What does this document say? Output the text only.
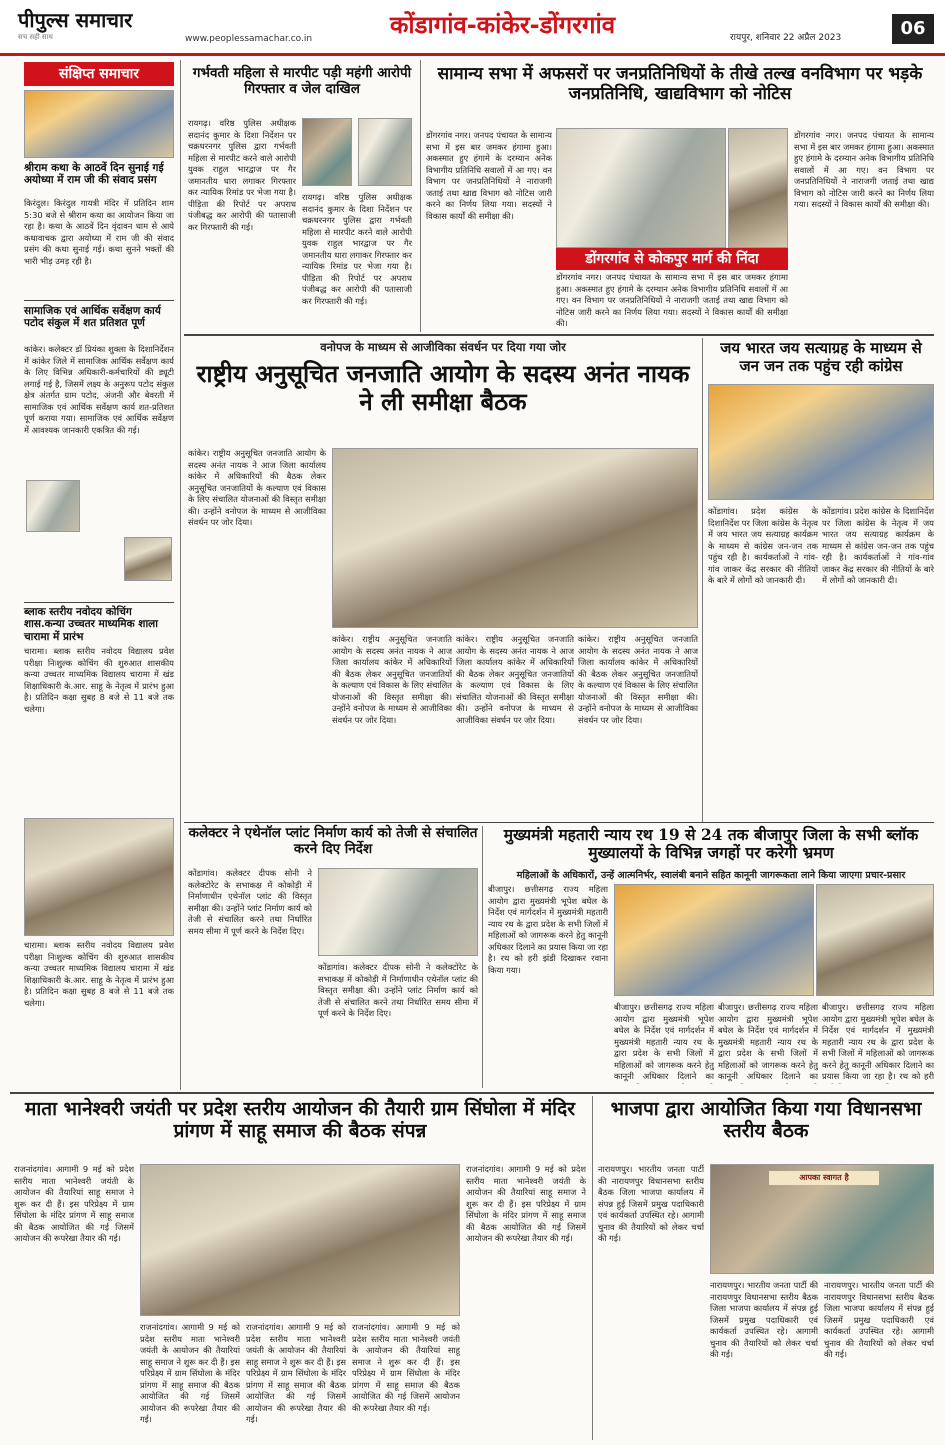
पीपुल्स समाचार
सच सही साथ	www.peoplessamachar.co.in	कोंडागांव-कांकेर-डोंगरगांव	रायपुर, शनिवार 22 अप्रैल 2023	06
संक्षिप्त समाचार
श्रीराम कथा के आठवें दिन सुनाई गई अयोध्या में राम जी की संवाद प्रसंग
किरंदुल। किरंदुल गायत्री मंदिर में प्रतिदिन शाम 5:30 बजे से श्रीराम कथा का आयोजन किया जा रहा है। कथा के आठवें दिन वृंदावन धाम से आये कथावाचक द्वारा अयोध्या में राम जी की संवाद प्रसंग की कथा सुनाई गई। कथा सुनने भक्तों की भारी भीड़ उमड़ रही है।
सामाजिक एवं आर्थिक सर्वेक्षण कार्य पटोद संकुल में शत प्रतिशत पूर्ण
कांकेर। कलेक्टर डॉ प्रियंका शुक्ला के दिशानिर्देशन में कांकेर जिले में सामाजिक आर्थिक सर्वेक्षण कार्य के लिए विभिन्न अधिकारी-कर्मचारियों की ड्यूटी लगाई गई है, जिसमें लक्ष्य के अनुरूप पटोद संकुल क्षेत्र अंतर्गत ग्राम पटोद, अंजनी और बेवरती में सामाजिक एवं आर्थिक सर्वेक्षण कार्य शत-प्रतिशत पूर्ण कराया गया। सामाजिक एवं आर्थिक सर्वेक्षण में आवश्यक जानकारी एकत्रित की गई।
ब्लाक स्तरीय नवोदय कोचिंग शास.कन्या उच्चतर माध्यमिक शाला चारामा में प्रारंभ
चारामा। ब्लाक स्तरीय नवोदय विद्यालय प्रवेश परीक्षा निःशुल्क कोचिंग की शुरुआत शासकीय कन्या उच्चतर माध्यमिक विद्यालय चारामा में खंड शिक्षाधिकारी के.आर. साहू के नेतृत्व में प्रारंभ हुआ है। प्रतिदिन कक्षा सुबह 8 बजे से 11 बजे तक चलेगा।
चारामा। ब्लाक स्तरीय नवोदय विद्यालय प्रवेश परीक्षा निःशुल्क कोचिंग की शुरुआत शासकीय कन्या उच्चतर माध्यमिक विद्यालय चारामा में खंड शिक्षाधिकारी के.आर. साहू के नेतृत्व में प्रारंभ हुआ है। प्रतिदिन कक्षा सुबह 8 बजे से 11 बजे तक चलेगा।
गर्भवती महिला से मारपीट पड़ी महंगी आरोपी गिरफ्तार व जेल दाखिल
रायगढ़। वरिष्ठ पुलिस अधीक्षक सदानंद कुमार के दिशा निर्देशन पर चक्रधरनगर पुलिस द्वारा गर्भवती महिला से मारपीट करने वाले आरोपी युवक राहुल भारद्वाज पर गैर जमानतीय धारा लगाकर गिरफ्तार कर न्यायिक रिमांड पर भेजा गया है। पीड़िता की रिपोर्ट पर अपराध पंजीबद्ध कर आरोपी की पतासाजी कर गिरफ्तारी की गई।
रायगढ़। वरिष्ठ पुलिस अधीक्षक सदानंद कुमार के दिशा निर्देशन पर चक्रधरनगर पुलिस द्वारा गर्भवती महिला से मारपीट करने वाले आरोपी युवक राहुल भारद्वाज पर गैर जमानतीय धारा लगाकर गिरफ्तार कर न्यायिक रिमांड पर भेजा गया है। पीड़िता की रिपोर्ट पर अपराध पंजीबद्ध कर आरोपी की पतासाजी कर गिरफ्तारी की गई।
सामान्य सभा में अफसरों पर जनप्रतिनिधियों के तीखे तल्ख वनविभाग पर भड़के जनप्रतिनिधि, खाद्यविभाग को नोटिस
डोंगरगांव नगर। जनपद पंचायत के सामान्य सभा में इस बार जमकर हंगामा हुआ। अकस्मात हुए हंगामे के दरम्यान अनेक विभागीय प्रतिनिधि सवालों में आ गए। वन विभाग पर जनप्रतिनिधियों ने नाराजगी जताई तथा खाद्य विभाग को नोटिस जारी करने का निर्णय लिया गया। सदस्यों ने विकास कार्यों की समीक्षा की।
डोंगरगांव से कोकपुर मार्ग की निंदा
डोंगरगांव नगर। जनपद पंचायत के सामान्य सभा में इस बार जमकर हंगामा हुआ। अकस्मात हुए हंगामे के दरम्यान अनेक विभागीय प्रतिनिधि सवालों में आ गए। वन विभाग पर जनप्रतिनिधियों ने नाराजगी जताई तथा खाद्य विभाग को नोटिस जारी करने का निर्णय लिया गया। सदस्यों ने विकास कार्यों की समीक्षा की।
डोंगरगांव नगर। जनपद पंचायत के सामान्य सभा में इस बार जमकर हंगामा हुआ। अकस्मात हुए हंगामे के दरम्यान अनेक विभागीय प्रतिनिधि सवालों में आ गए। वन विभाग पर जनप्रतिनिधियों ने नाराजगी जताई तथा खाद्य विभाग को नोटिस जारी करने का निर्णय लिया गया। सदस्यों ने विकास कार्यों की समीक्षा की।
वनोपज के माध्यम से आजीविका संवर्धन पर दिया गया जोर
राष्ट्रीय अनुसूचित जनजाति आयोग के सदस्य अनंत नायक ने ली समीक्षा बैठक
कांकेर। राष्ट्रीय अनुसूचित जनजाति आयोग के सदस्य अनंत नायक ने आज जिला कार्यालय कांकेर में अधिकारियों की बैठक लेकर अनुसूचित जनजातियों के कल्याण एवं विकास के लिए संचालित योजनाओं की विस्तृत समीक्षा की। उन्होंने वनोपज के माध्यम से आजीविका संवर्धन पर जोर दिया।
कांकेर। राष्ट्रीय अनुसूचित जनजाति आयोग के सदस्य अनंत नायक ने आज जिला कार्यालय कांकेर में अधिकारियों की बैठक लेकर अनुसूचित जनजातियों के कल्याण एवं विकास के लिए संचालित योजनाओं की विस्तृत समीक्षा की। उन्होंने वनोपज के माध्यम से आजीविका संवर्धन पर जोर दिया।
कांकेर। राष्ट्रीय अनुसूचित जनजाति आयोग के सदस्य अनंत नायक ने आज जिला कार्यालय कांकेर में अधिकारियों की बैठक लेकर अनुसूचित जनजातियों के कल्याण एवं विकास के लिए संचालित योजनाओं की विस्तृत समीक्षा की। उन्होंने वनोपज के माध्यम से आजीविका संवर्धन पर जोर दिया।
कांकेर। राष्ट्रीय अनुसूचित जनजाति आयोग के सदस्य अनंत नायक ने आज जिला कार्यालय कांकेर में अधिकारियों की बैठक लेकर अनुसूचित जनजातियों के कल्याण एवं विकास के लिए संचालित योजनाओं की विस्तृत समीक्षा की। उन्होंने वनोपज के माध्यम से आजीविका संवर्धन पर जोर दिया।
जय भारत जय सत्याग्रह के माध्यम से जन जन तक पहुंच रही कांग्रेस
कोंडागांव। प्रदेश कांग्रेस के दिशानिर्देश पर जिला कांग्रेस के नेतृत्व में जय भारत जय सत्याग्रह कार्यक्रम के माध्यम से कांग्रेस जन-जन तक पहुंच रही है। कार्यकर्ताओं ने गांव-गांव जाकर केंद्र सरकार की नीतियों के बारे में लोगों को जानकारी दी।
कोंडागांव। प्रदेश कांग्रेस के दिशानिर्देश पर जिला कांग्रेस के नेतृत्व में जय भारत जय सत्याग्रह कार्यक्रम के माध्यम से कांग्रेस जन-जन तक पहुंच रही है। कार्यकर्ताओं ने गांव-गांव जाकर केंद्र सरकार की नीतियों के बारे में लोगों को जानकारी दी।
कलेक्टर ने एथेनॉल प्लांट निर्माण कार्य को तेजी से संचालित करने दिए निर्देश
कोंडागांव। कलेक्टर दीपक सोनी ने कलेक्टोरेट के सभाकक्ष में कोकोड़ी में निर्माणाधीन एथेनॉल प्लांट की विस्तृत समीक्षा की। उन्होंने प्लांट निर्माण कार्य को तेजी से संचालित करने तथा निर्धारित समय सीमा में पूर्ण करने के निर्देश दिए।
कोंडागांव। कलेक्टर दीपक सोनी ने कलेक्टोरेट के सभाकक्ष में कोकोड़ी में निर्माणाधीन एथेनॉल प्लांट की विस्तृत समीक्षा की। उन्होंने प्लांट निर्माण कार्य को तेजी से संचालित करने तथा निर्धारित समय सीमा में पूर्ण करने के निर्देश दिए।
मुख्यमंत्री महतारी न्याय रथ 19 से 24 तक बीजापुर जिला के सभी ब्लॉक मुख्यालयों के विभिन्न जगहों पर करेगी भ्रमण
महिलाओं के अधिकारों, उन्हें आत्मनिर्भर, स्वालंबी बनाने सहित कानूनी जागरूकता लाने किया जाएगा प्रचार-प्रसार
बीजापुर। छत्तीसगढ़ राज्य महिला आयोग द्वारा मुख्यमंत्री भूपेश बघेल के निर्देश एवं मार्गदर्शन में मुख्यमंत्री महतारी न्याय रथ के द्वारा प्रदेश के सभी जिलों में महिलाओं को जागरूक करने हेतु कानूनी अधिकार दिलाने का प्रयास किया जा रहा है। रथ को हरी झंडी दिखाकर रवाना किया गया।
बीजापुर। छत्तीसगढ़ राज्य महिला आयोग द्वारा मुख्यमंत्री भूपेश बघेल के निर्देश एवं मार्गदर्शन में मुख्यमंत्री महतारी न्याय रथ के द्वारा प्रदेश के सभी जिलों में महिलाओं को जागरूक करने हेतु कानूनी अधिकार दिलाने का
बीजापुर। छत्तीसगढ़ राज्य महिला आयोग द्वारा मुख्यमंत्री भूपेश बघेल के निर्देश एवं मार्गदर्शन में मुख्यमंत्री महतारी न्याय रथ के द्वारा प्रदेश के सभी जिलों में महिलाओं को जागरूक करने हेतु कानूनी अधिकार दिलाने का
बीजापुर। छत्तीसगढ़ राज्य महिला आयोग द्वारा मुख्यमंत्री भूपेश बघेल के निर्देश एवं मार्गदर्शन में मुख्यमंत्री महतारी न्याय रथ के द्वारा प्रदेश के सभी जिलों में महिलाओं को जागरूक करने हेतु कानूनी अधिकार दिलाने का प्रयास किया जा रहा है। रथ को हरी
माता भानेश्वरी जयंती पर प्रदेश स्तरीय आयोजन की तैयारी ग्राम सिंघोला में मंदिर प्रांगण में साहू समाज की बैठक संपन्न
राजनांदगांव। आगामी 9 मई को प्रदेश स्तरीय माता भानेश्वरी जयंती के आयोजन की तैयारियां साहू समाज ने शुरू कर दी हैं। इस परिप्रेक्ष्य में ग्राम सिंघोला के मंदिर प्रांगण में साहू समाज की बैठक आयोजित की गई जिसमें आयोजन की रूपरेखा तैयार की गई।
राजनांदगांव। आगामी 9 मई को प्रदेश स्तरीय माता भानेश्वरी जयंती के आयोजन की तैयारियां साहू समाज ने शुरू कर दी हैं। इस परिप्रेक्ष्य में ग्राम सिंघोला के मंदिर प्रांगण में साहू समाज की बैठक आयोजित की गई जिसमें आयोजन की रूपरेखा तैयार की गई।
राजनांदगांव। आगामी 9 मई को प्रदेश स्तरीय माता भानेश्वरी जयंती के आयोजन की तैयारियां साहू समाज ने शुरू कर दी हैं। इस परिप्रेक्ष्य में ग्राम सिंघोला के मंदिर प्रांगण में साहू समाज की बैठक आयोजित की गई जिसमें आयोजन की रूपरेखा तैयार की गई।
राजनांदगांव। आगामी 9 मई को प्रदेश स्तरीय माता भानेश्वरी जयंती के आयोजन की तैयारियां साहू समाज ने शुरू कर दी हैं। इस परिप्रेक्ष्य में ग्राम सिंघोला के मंदिर प्रांगण में साहू समाज की बैठक आयोजित की गई जिसमें आयोजन की रूपरेखा तैयार की गई।
राजनांदगांव। आगामी 9 मई को प्रदेश स्तरीय माता भानेश्वरी जयंती के आयोजन की तैयारियां साहू समाज ने शुरू कर दी हैं। इस परिप्रेक्ष्य में ग्राम सिंघोला के मंदिर प्रांगण में साहू समाज की बैठक आयोजित की गई जिसमें आयोजन की रूपरेखा तैयार की गई।
भाजपा द्वारा आयोजित किया गया विधानसभा स्तरीय बैठक
नारायणपुर। भारतीय जनता पार्टी की नारायणपुर विधानसभा स्तरीय बैठक जिला भाजपा कार्यालय में संपन्न हुई जिसमें प्रमुख पदाधिकारी एवं कार्यकर्ता उपस्थित रहे। आगामी चुनाव की तैयारियों को लेकर चर्चा की गई।
आपका स्वागत है
नारायणपुर। भारतीय जनता पार्टी की नारायणपुर विधानसभा स्तरीय बैठक जिला भाजपा कार्यालय में संपन्न हुई जिसमें प्रमुख पदाधिकारी एवं कार्यकर्ता उपस्थित रहे। आगामी चुनाव की तैयारियों को लेकर चर्चा की गई।
नारायणपुर। भारतीय जनता पार्टी की नारायणपुर विधानसभा स्तरीय बैठक जिला भाजपा कार्यालय में संपन्न हुई जिसमें प्रमुख पदाधिकारी एवं कार्यकर्ता उपस्थित रहे। आगामी चुनाव की तैयारियों को लेकर चर्चा की गई।
